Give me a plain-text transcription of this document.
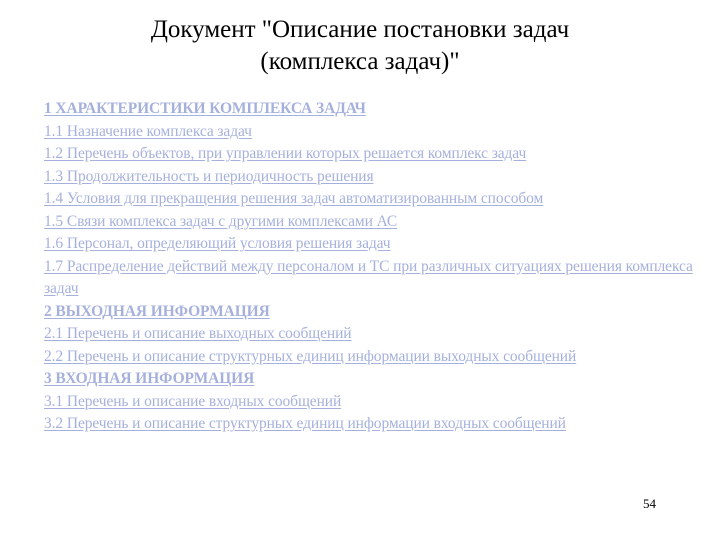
Документ "Описание постановки задач
(комплекса задач)"
1 ХАРАКТЕРИСТИКИ КОМПЛЕКСА ЗАДАЧ
1.1 Назначение комплекса задач
1.2 Перечень объектов, при управлении которых решается комплекс задач
1.3 Продолжительность и периодичность решения
1.4 Условия для прекращения решения задач автоматизированным способом
1.5 Связи комплекса задач с другими комплексами АС
1.6 Персонал, определяющий условия решения задач
1.7 Распределение действий между персоналом и ТС при различных ситуациях решения комплекса задач
2 ВЫХОДНАЯ ИНФОРМАЦИЯ
2.1 Перечень и описание выходных сообщений
2.2 Перечень и описание структурных единиц информации выходных сообщений
3 ВХОДНАЯ ИНФОРМАЦИЯ
3.1 Перечень и описание входных сообщений
3.2 Перечень и описание структурных единиц информации входных сообщений
54
